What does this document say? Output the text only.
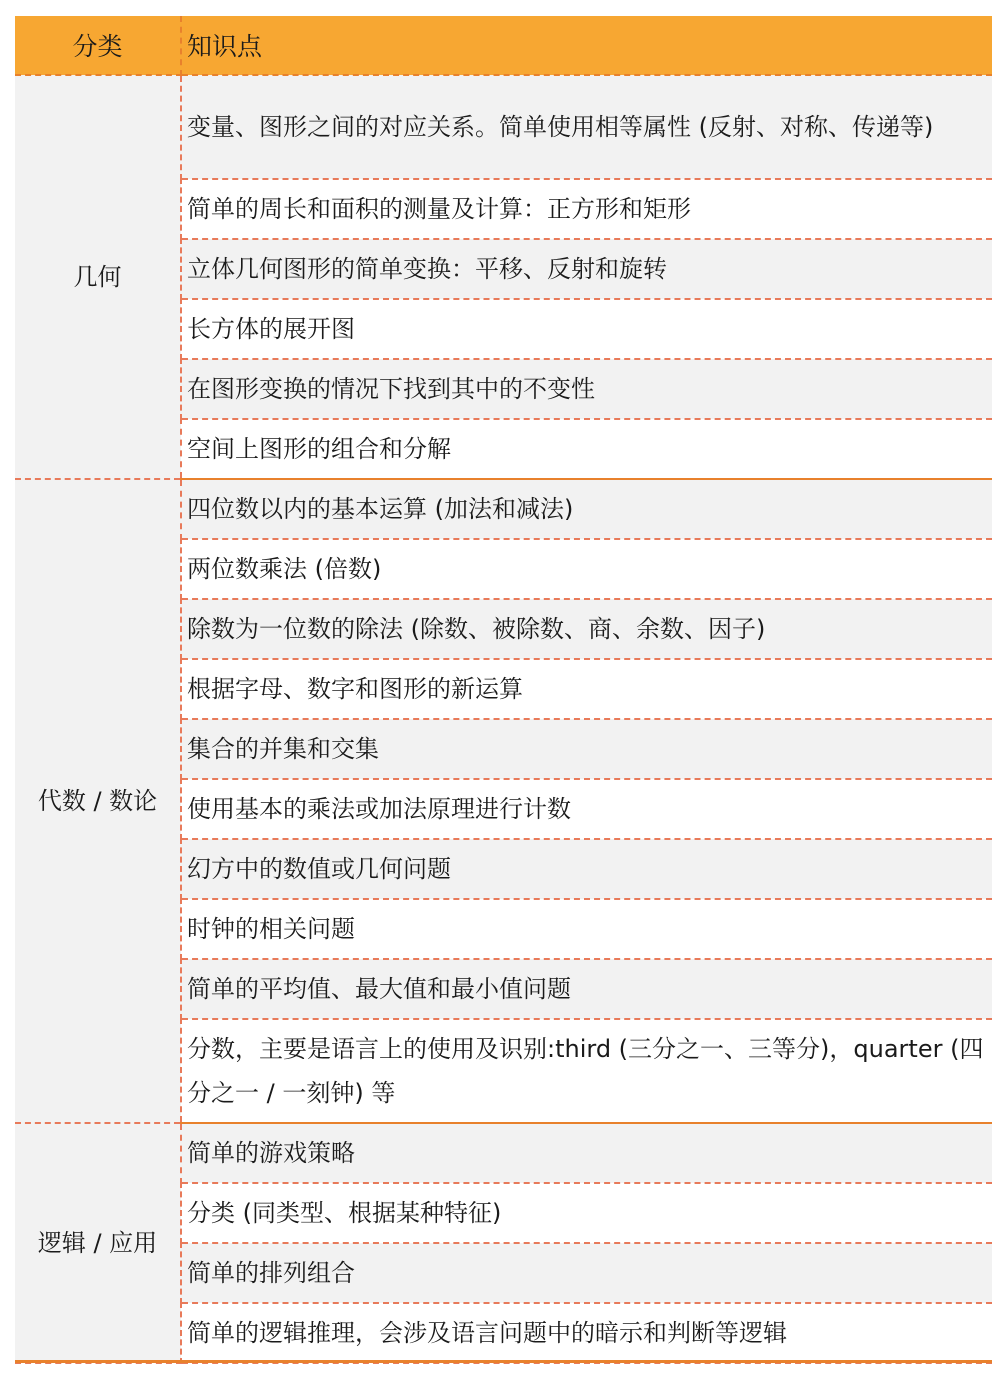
分类	知识点
几何	变量、图形之间的对应关系。简单使用相等属性 (反射、对称、传递等)
	简单的周长和面积的测量及计算：正方形和矩形
	立体几何图形的简单变换：平移、反射和旋转
	长方体的展开图
	在图形变换的情况下找到其中的不变性
	空间上图形的组合和分解
代数 / 数论	四位数以内的基本运算 (加法和减法)
	两位数乘法 (倍数)
	除数为一位数的除法 (除数、被除数、商、余数、因子)
	根据字母、数字和图形的新运算
	集合的并集和交集
	使用基本的乘法或加法原理进行计数
	幻方中的数值或几何问题
	时钟的相关问题
	简单的平均值、最大值和最小值问题
	分数，主要是语言上的使用及识别:third (三分之一、三等分)，quarter (四分之一 / 一刻钟) 等
逻辑 / 应用	简单的游戏策略
	分类 (同类型、根据某种特征)
	简单的排列组合
	简单的逻辑推理，会涉及语言问题中的暗示和判断等逻辑
